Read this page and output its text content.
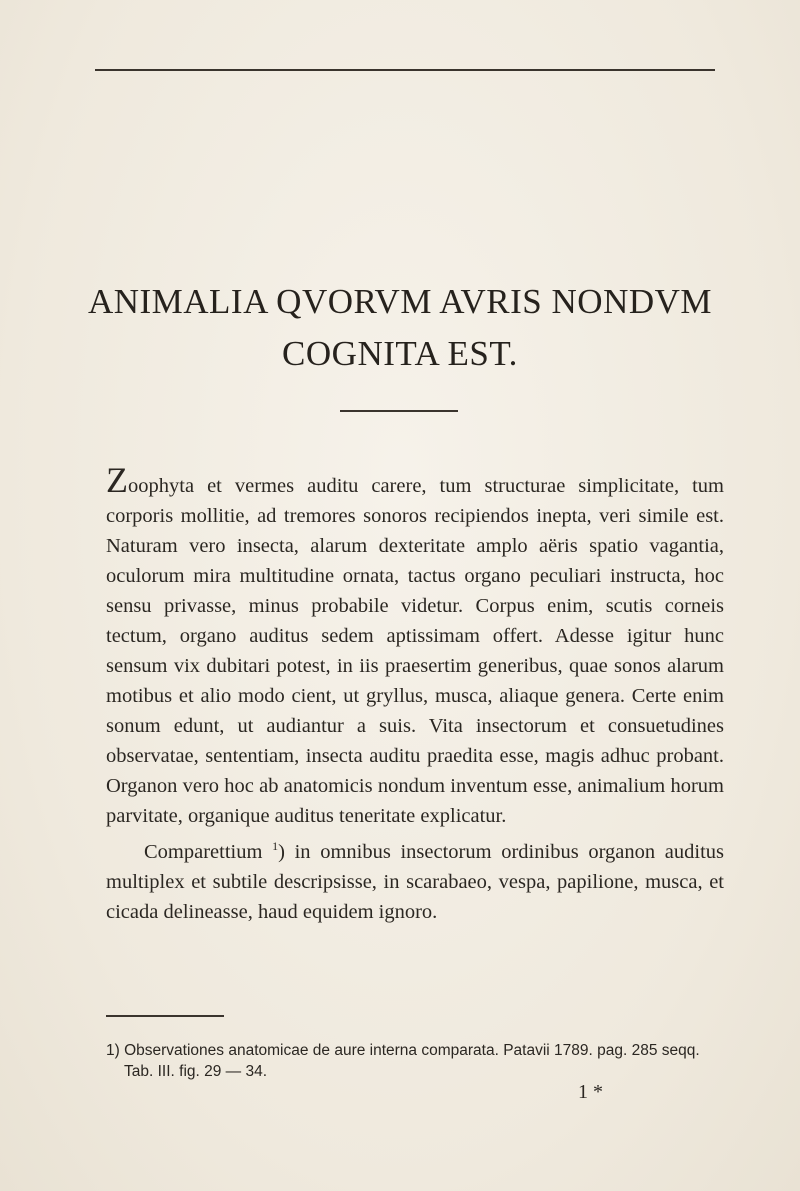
ANIMALIA QVORVM AVRIS NONDVM
COGNITA EST.

Zoophyta et vermes auditu carere, tum structurae simplicitate, tum corporis mollitie, ad tremores sonoros recipiendos inepta, veri simile est. Naturam vero insecta, alarum dexteritate amplo aëris spatio vagantia, oculorum mira multitudine ornata, tactus organo peculiari instructa, hoc sensu privasse, minus probabile videtur. Corpus enim, scutis corneis tectum, organo auditus sedem aptissimam offert. Adesse igitur hunc sensum vix dubitari potest, in iis praesertim generibus, quae sonos alarum motibus et alio modo cient, ut gryllus, musca, aliaque genera. Certe enim sonum edunt, ut audiantur a suis. Vita insectorum et consuetudines observatae, sententiam, insecta auditu praedita esse, magis adhuc probant. Organon vero hoc ab anatomicis nondum inventum esse, animalium horum parvitate, organique auditus teneritate explicatur.

Comparettium $^1$) in omnibus insectorum ordinibus organon auditus multiplex et subtile descripsisse, in scarabaeo, vespa, papilione, musca, et cicada delineasse, haud equidem ignoro.

1) Observationes anatomicae de aure interna comparata. Patavii 1789. pag. 285 seqq.
Tab. III. fig. 29 — 34.
1 *
